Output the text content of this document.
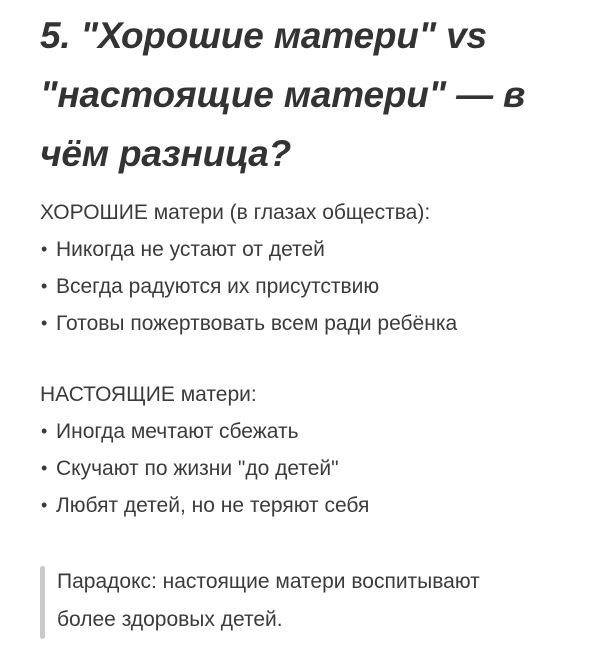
5. "Хорошие матери" vs
"настоящие матери" — в
чём разница?

ХОРОШИЕ матери (в глазах общества):

• Никогда не устают от детей
• Всегда радуются их присутствию
• Готовы пожертвовать всем ради ребёнка

НАСТОЯЩИЕ матери:

• Иногда мечтают сбежать
• Скучают по жизни "до детей"
• Любят детей, но не теряют себя

Парадокс: настоящие матери воспитывают
более здоровых детей.
